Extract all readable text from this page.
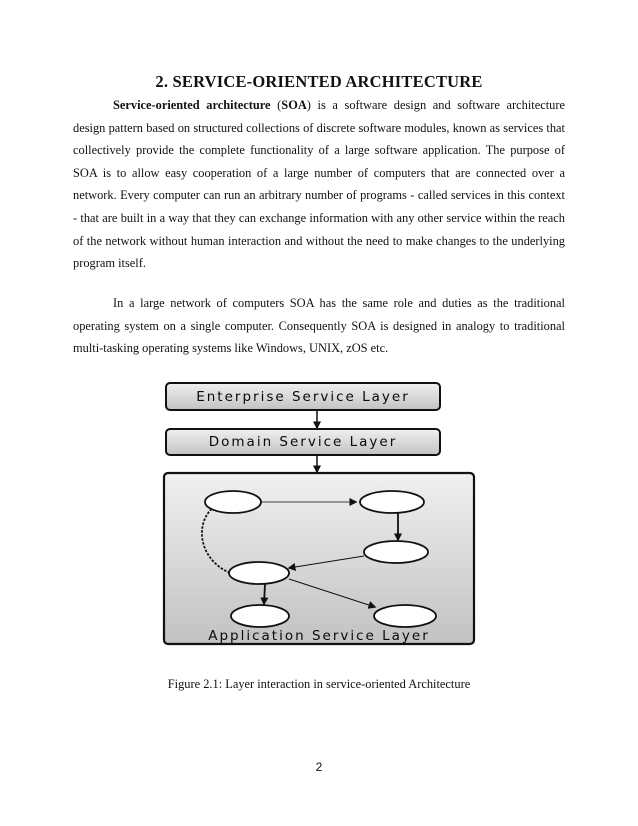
2. SERVICE-ORIENTED ARCHITECTURE

Service-oriented architecture (SOA) is a software design and software architecture design pattern based on structured collections of discrete software modules, known as services that collectively provide the complete functionality of a large software application. The purpose of SOA is to allow easy cooperation of a large number of computers that are connected over a network. Every computer can run an arbitrary number of programs - called services in this context - that are built in a way that they can exchange information with any other service within the reach of the network without human interaction and without the need to make changes to the underlying program itself.

In a large network of computers SOA has the same role and duties as the traditional operating system on a single computer. Consequently SOA is designed in analogy to traditional multi-tasking operating systems like Windows, UNIX, zOS etc.

Enterprise Service Layer
Domain Service Layer
Application Service Layer
Figure 2.1: Layer interaction in service-oriented Architecture
2
